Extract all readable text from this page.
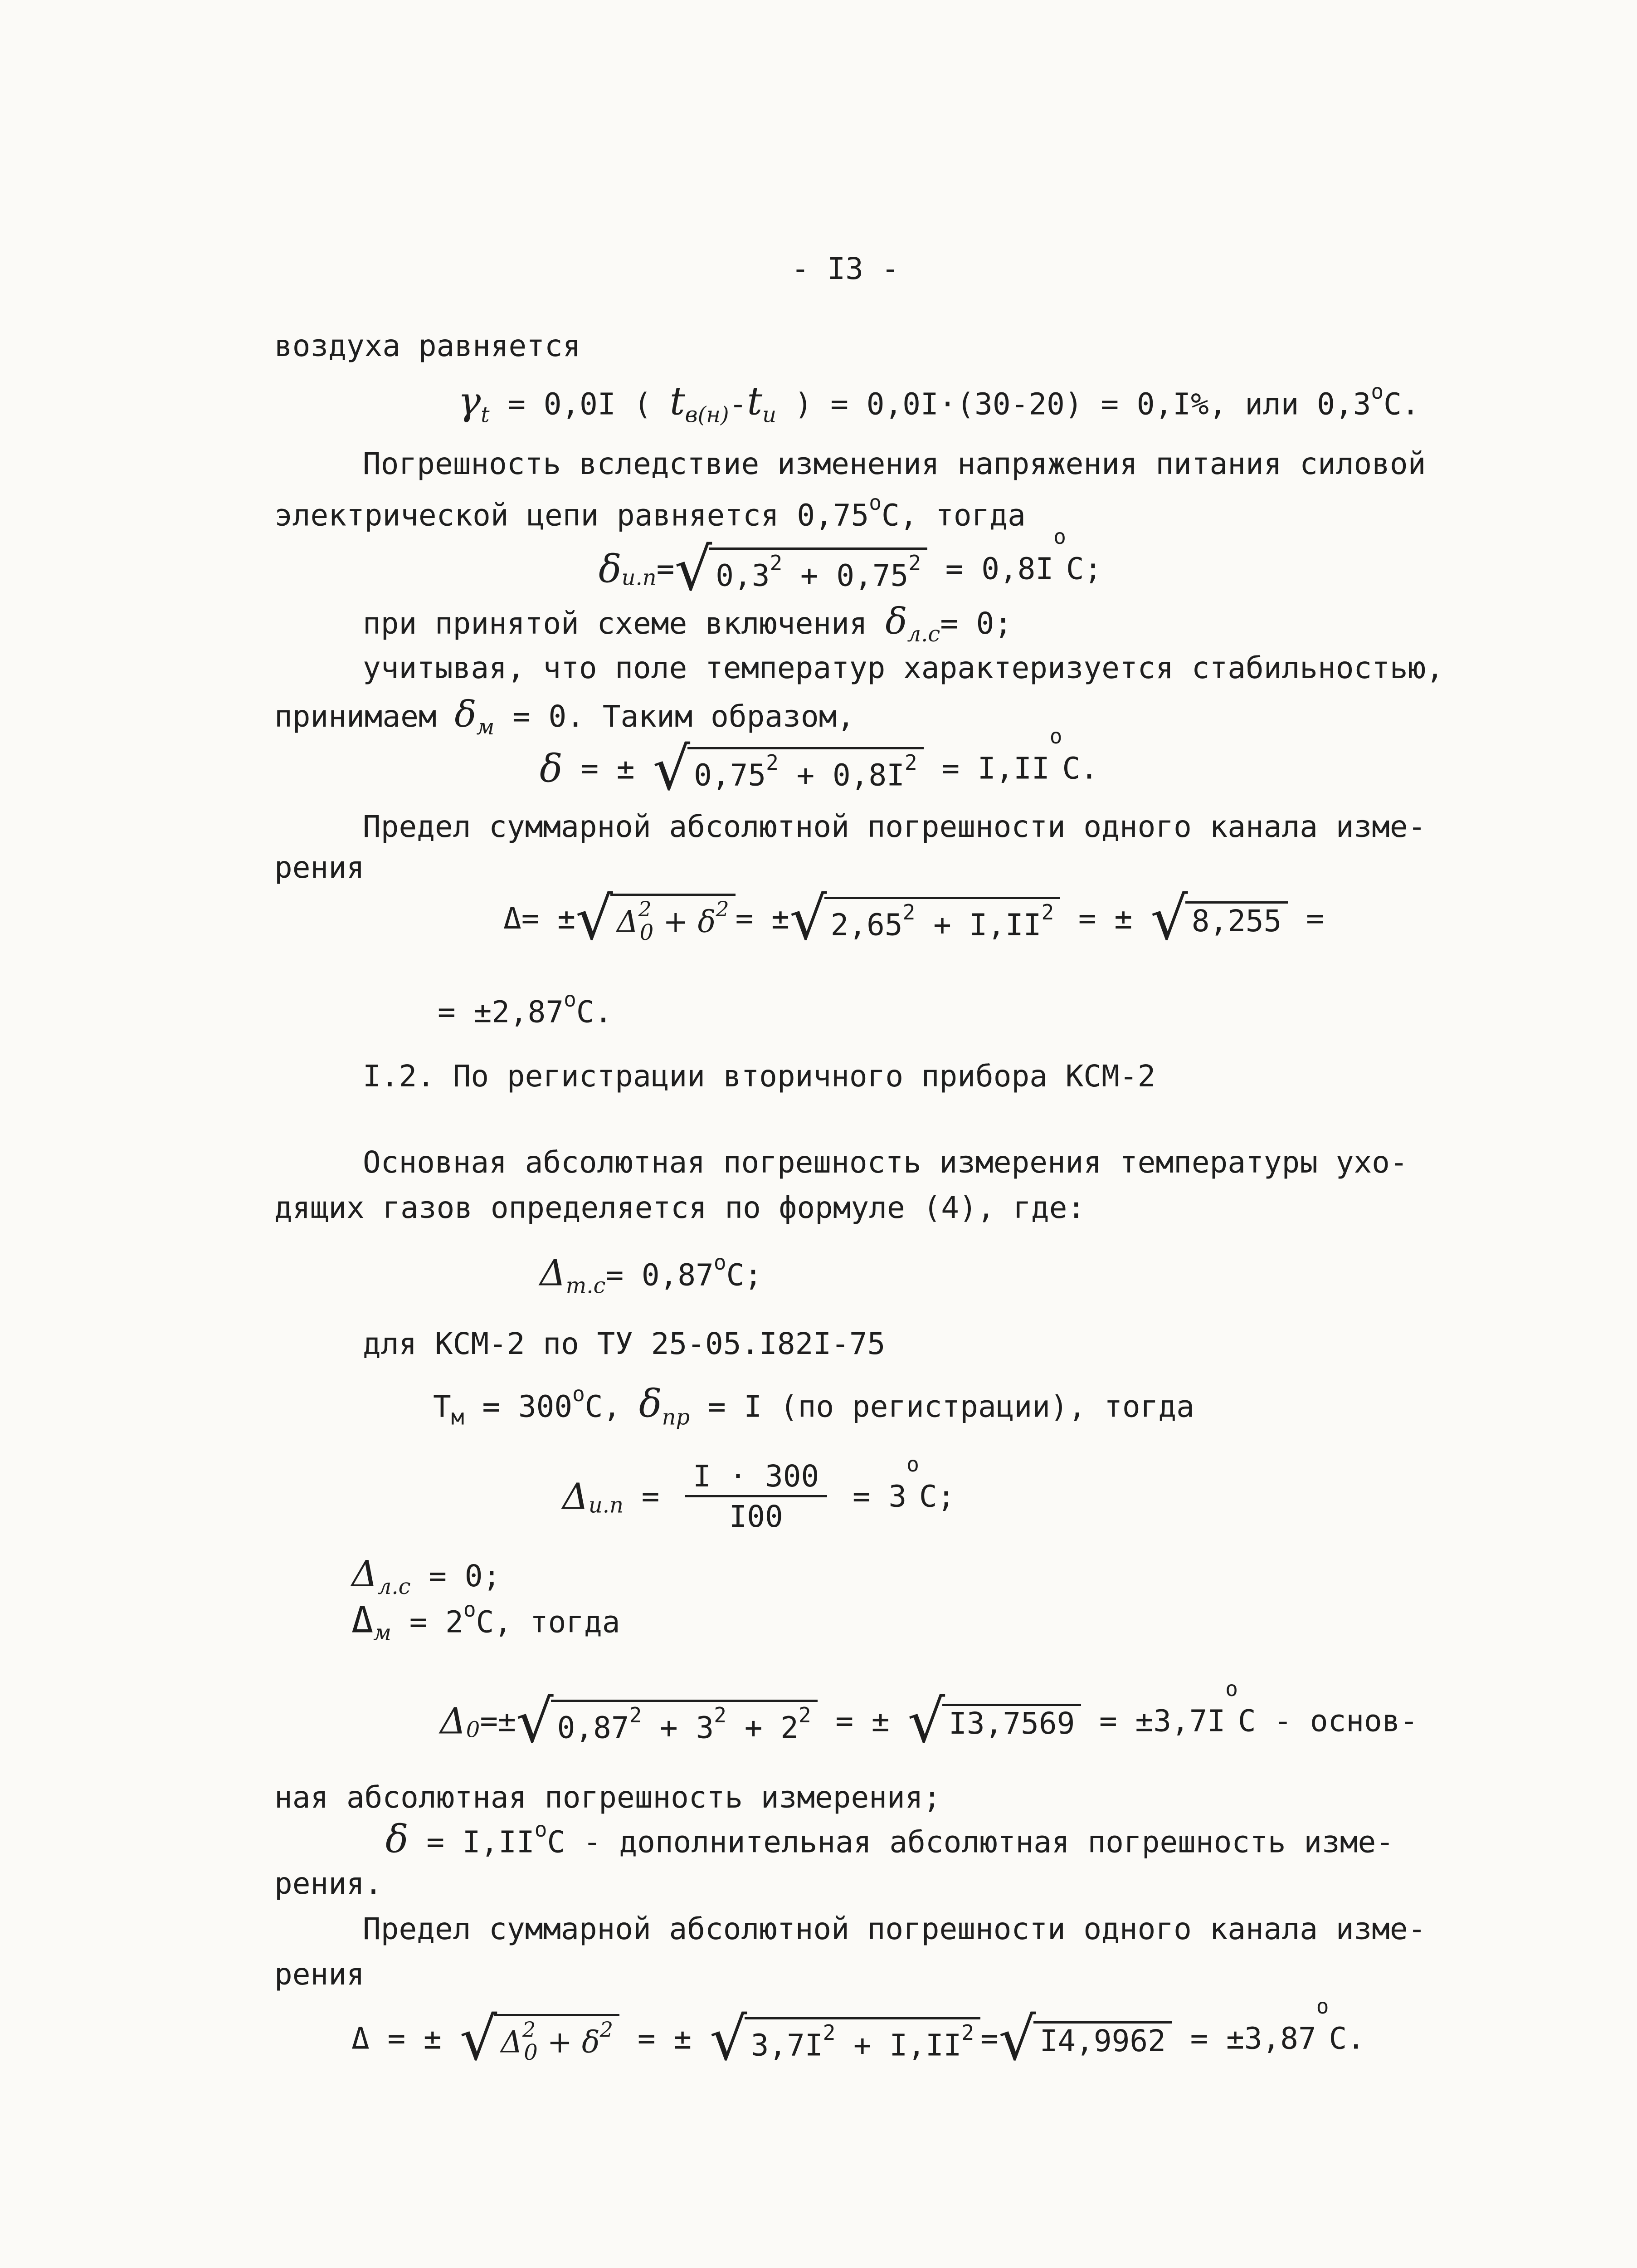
- I3 -
воздуха равняется
$\gamma_t = 0,0I$ ( $t_{в(н)}-t_и$ ) = 0,0I·(30-20) = 0,I%, или $0,3^оС$.
Погрешность вследствие изменения напряжения питания силовой
электрической цепи равняется $0,75^оС$, тогда
$\delta_{и.п}=√$ $0,3^2 + 0,75^2 = 0,8I^оС$;
при принятой схеме включения $\delta_{л.с}= 0$;
учитывая, что поле температур характеризуется стабильностью,
принимаем $\delta_м = 0$. Таким образом,
δ = ± √ $0,75^2 + 0,8I^2 = I,II^оС$.
Предел суммарной абсолютной погрешности одного канала изме-
рения
Δ= ±√ $\Delta^2_0 + \delta^2 = \pm√2,65^2 + I,II^2$ = ± √ 8,255 =
= $\pm 2,87^оС$.
I.2. По регистрации вторичного прибора КСМ-2
Основная абсолютная погрешность измерения температуры ухо-
дящих газов определяется по формуле (4), где:
$\Delta_{т.с}= 0,87^оС$;
для КСМ-2 по ТУ 25-05.I82I-75
$Т_м = 300^оС$, $\delta_{пр} = I$ (по регистрации), тогда
$\Delta_{и.п} = \frac{I \cdot 300}{I00} = 3^оС$;
$\Delta_{л.с} = 0$;
$\Delta_м = 2^оС$, тогда
$\Delta_0=\pm√0,87^2 + 3^2 + 2^2$ = ± √ $I3,7569 = \pm 3,7I^оС$ - основ-
ная абсолютная погрешность измерения;
$\delta = I,II^оС$ - дополнительная абсолютная погрешность изме-
рения.
Предел суммарной абсолютной погрешности одного канала изме-
рения
Δ = ± √ $\Delta^2_0 + \delta^2$ = ± √ $3,7I^2 + I,II^2$ =√ $I4,9962 = \pm 3,87^оС$.
